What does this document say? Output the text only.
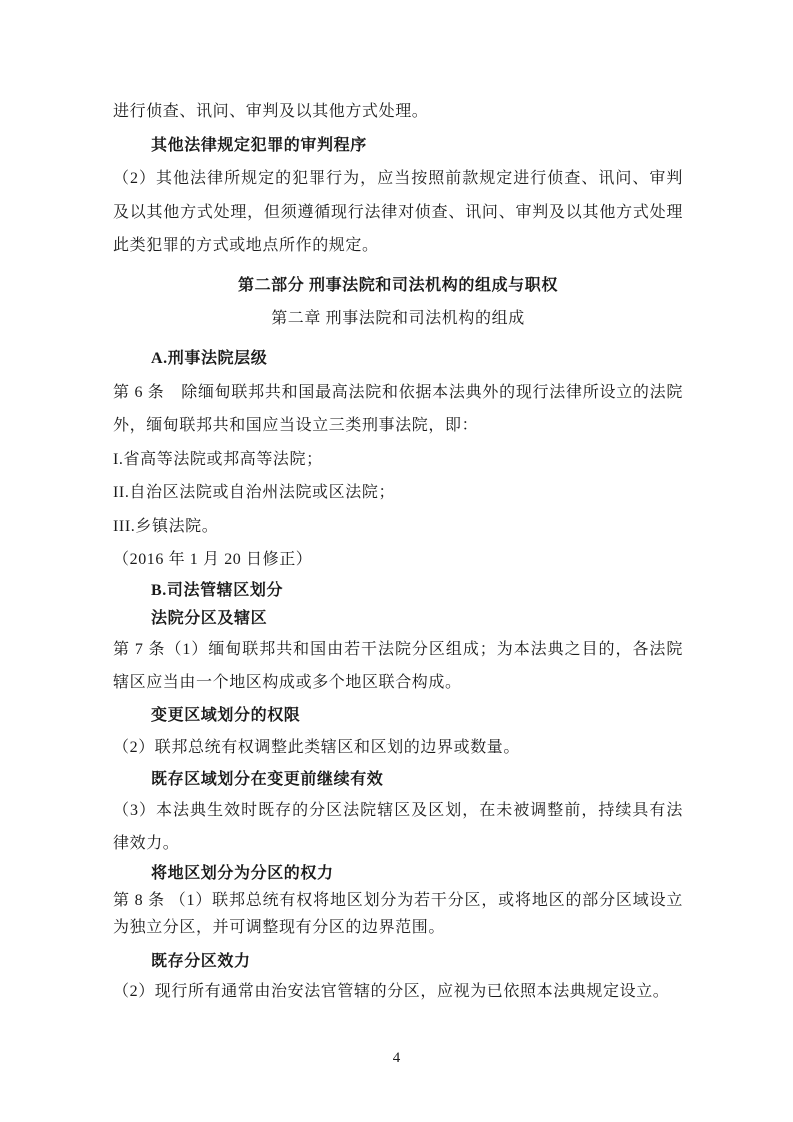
进行侦查、讯问、审判及以其他方式处理。

其他法律规定犯罪的审判程序

（2）其他法律所规定的犯罪行为，应当按照前款规定进行侦查、讯问、审判及以其他方式处理，但须遵循现行法律对侦查、讯问、审判及以其他方式处理此类犯罪的方式或地点所作的规定。

第二部分 刑事法院和司法机构的组成与职权

第二章 刑事法院和司法机构的组成

A.刑事法院层级

第 6 条　除缅甸联邦共和国最高法院和依据本法典外的现行法律所设立的法院外，缅甸联邦共和国应当设立三类刑事法院，即：

I.省高等法院或邦高等法院；

II.自治区法院或自治州法院或区法院；

III.乡镇法院。

（2016 年 1 月 20 日修正）

B.司法管辖区划分

法院分区及辖区

第 7 条（1）缅甸联邦共和国由若干法院分区组成；为本法典之目的，各法院辖区应当由一个地区构成或多个地区联合构成。

变更区域划分的权限

（2）联邦总统有权调整此类辖区和区划的边界或数量。

既存区域划分在变更前继续有效

（3）本法典生效时既存的分区法院辖区及区划，在未被调整前，持续具有法律效力。

将地区划分为分区的权力

第 8 条 （1）联邦总统有权将地区划分为若干分区，或将地区的部分区域设立为独立分区，并可调整现有分区的边界范围。

既存分区效力

（2）现行所有通常由治安法官管辖的分区，应视为已依照本法典规定设立。

4
